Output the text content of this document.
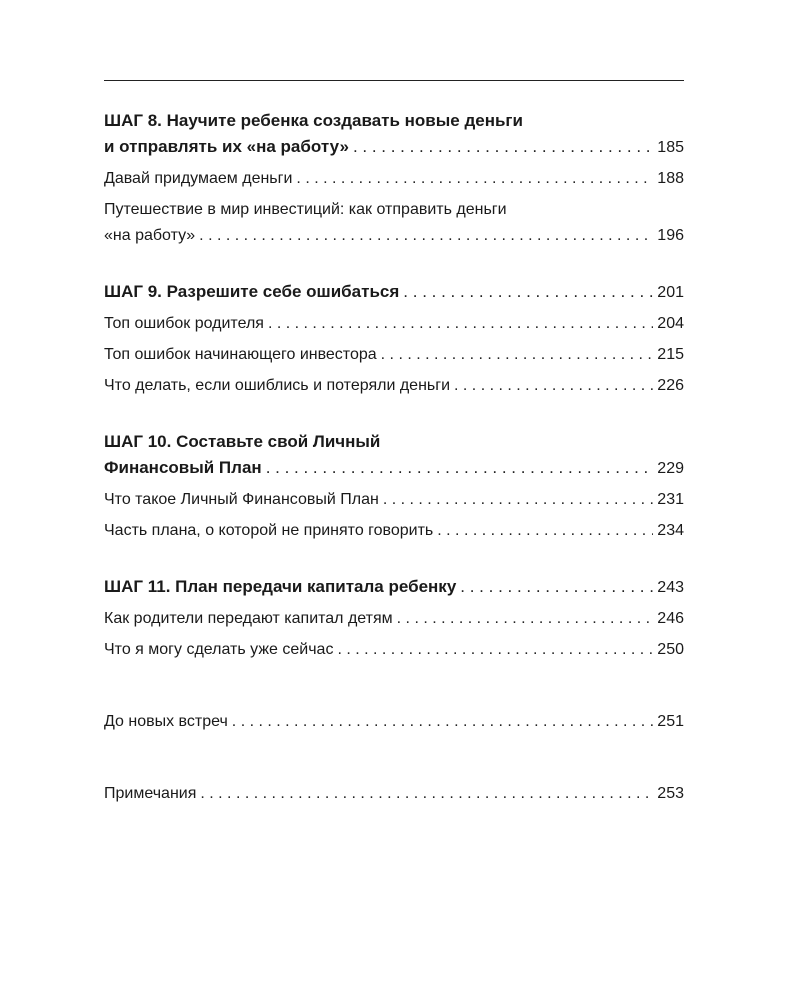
ШАГ 8. Научите ребенка создавать новые деньги
и отправлять их «на работу» . . .	185
Давай придумаем деньги . . .	188
Путешествие в мир инвестиций: как отправить деньги
«на работу» . . .	196
ШАГ 9. Разрешите себе ошибаться . . .	201
Топ ошибок родителя . . .	204
Топ ошибок начинающего инвестора . . .	215
Что делать, если ошиблись и потеряли деньги . . .	226
ШАГ 10. Составьте свой Личный
Финансовый План . . .	229
Что такое Личный Финансовый План . . .	231
Часть плана, о которой не принято говорить . . .	234
ШАГ 11. План передачи капитала ребенку . . .	243
Как родители передают капитал детям . . .	246
Что я могу сделать уже сейчас . . .	250
До новых встреч . . .	251
Примечания . . .	253
